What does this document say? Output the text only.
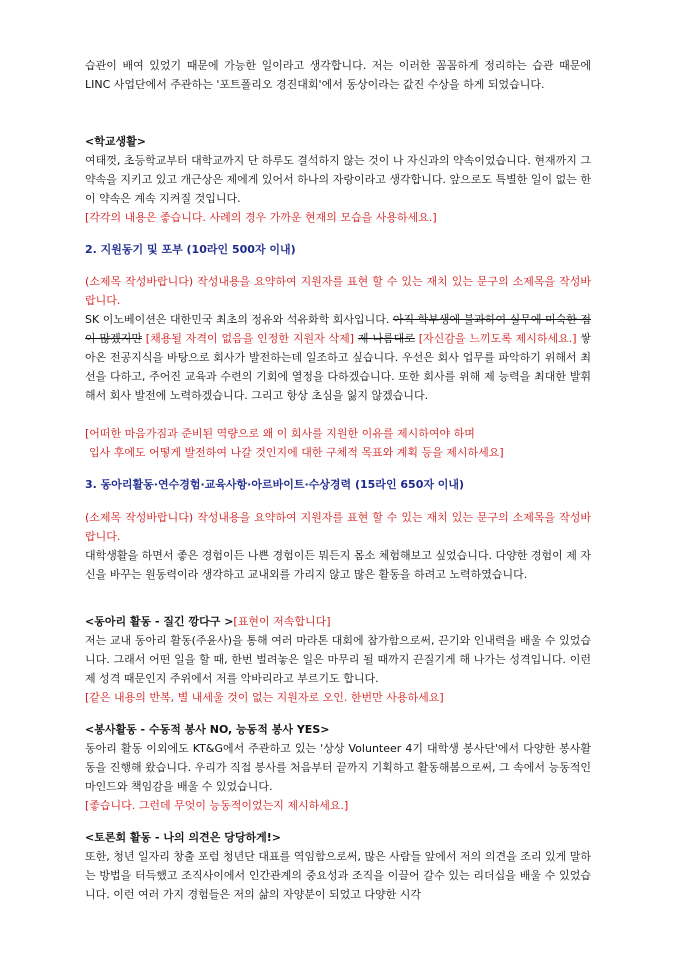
습관이 배여 있었기 때문에 가능한 일이라고 생각합니다. 저는 이러한 꼼꼼하게 정리하는 습관 때문에 LINC 사업단에서 주관하는 '포트폴리오 경진대회'에서 동상이라는 값진 수상을 하게 되었습니다.

<학교생활>

여태껏, 초등학교부터 대학교까지 단 하루도 결석하지 않는 것이 나 자신과의 약속이었습니다. 현재까지 그 약속을 지키고 있고 개근상은 제에게 있어서 하나의 자랑이라고 생각합니다. 앞으로도 특별한 일이 없는 한 이 약속은 계속 지켜질 것입니다.

[각각의 내용은 좋습니다. 사례의 경우 가까운 현재의 모습을 사용하세요.]

2. 지원동기 및 포부 (10라인 500자 이내)

(소제목 작성바랍니다) 작성내용을 요약하여 지원자를 표현 할 수 있는 재치 있는 문구의 소제목을 작성바랍니다.

SK 이노베이션은 대한민국 최초의 정유와 석유화학 회사입니다. 아직 학부생에 불과하여 실무에 미숙한 점이 많겠지만 [채용될 자격이 없음을 인정한 지원자 삭제] 제 나름대로 [자신감을 느끼도록 제시하세요.] 쌓아온 전공지식을 바탕으로 회사가 발전하는데 일조하고 싶습니다. 우선은 회사 업무를 파악하기 위해서 최선을 다하고, 주어진 교육과 수련의 기회에 열정을 다하겠습니다. 또한 회사를 위해 제 능력을 최대한 발휘해서 회사 발전에 노력하겠습니다. 그리고 항상 초심을 잃지 않겠습니다.

[어떠한 마음가짐과 준비된 역량으로 왜 이 회사를 지원한 이유를 제시하여야 하며

입사 후에도 어떻게 발전하여 나갈 것인지에 대한 구체적 목표와 계획 등을 제시하세요]

3. 동아리활동·연수경험·교육사항·아르바이트·수상경력 (15라인 650자 이내)

(소제목 작성바랍니다) 작성내용을 요약하여 지원자를 표현 할 수 있는 재치 있는 문구의 소제목을 작성바랍니다.

대학생활을 하면서 좋은 경험이든 나쁜 경험이든 뭐든지 몸소 체험해보고 싶었습니다. 다양한 경험이 제 자신을 바꾸는 원동력이라 생각하고 교내외를 가리지 않고 많은 활동을 하려고 노력하였습니다.

<동아리 활동 - 질긴 깡다구 >[표현이 저속합니다]

저는 교내 동아리 활동(주윤사)을 통해 여러 마라톤 대회에 참가함으로써, 끈기와 인내력을 배울 수 있었습니다. 그래서 어떤 일을 할 때, 한번 벌려놓은 일은 마무리 될 때까지 끈질기게 해 나가는 성격입니다. 이런 제 성격 때문인지 주위에서 저를 악바리라고 부르기도 합니다.

[같은 내용의 반복, 별 내세울 것이 없는 지원자로 오인. 한번만 사용하세요]

<봉사활동 - 수동적 봉사 NO, 능동적 봉사 YES>

동아리 활동 이외에도 KT&G에서 주관하고 있는 '상상 Volunteer 4기 대학생 봉사단'에서 다양한 봉사활동을 진행해 왔습니다. 우리가 직접 봉사를 처음부터 끝까지 기획하고 활동해봄으로써, 그 속에서 능동적인 마인드와 책임감을 배울 수 있었습니다.

[좋습니다. 그런데 무엇이 능동적이었는지 제시하세요.]

<토론회 활동 - 나의 의견은 당당하게!>

또한, 청년 일자리 창출 포럼 청년단 대표를 역임함으로써, 많은 사람들 앞에서 저의 의견을 조리 있게 말하는 방법을 터득했고 조직사이에서 인간관계의 중요성과 조직을 이끌어 갈수 있는 리더십을 배울 수 있었습니다. 이런 여러 가지 경험들은 저의 삶의 자양분이 되었고 다양한 시각
